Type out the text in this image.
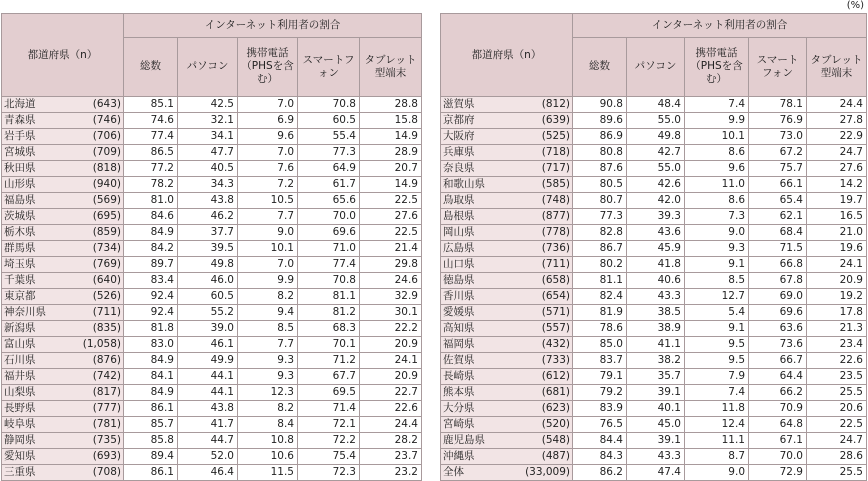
(%)
都道府県（n）		インターネット利用者の割合				
		総数	パソコン	携帯電話（PHSを含む）	スマートフォン	タブレット型端末
北海道	(643)	85.1	42.5	7.0	70.8	28.8
青森県	(746)	74.6	32.1	6.9	60.5	15.8
岩手県	(706)	77.4	34.1	9.6	55.4	14.9
宮城県	(709)	86.5	47.7	7.0	77.3	28.9
秋田県	(818)	77.2	40.5	7.6	64.9	20.7
山形県	(940)	78.2	34.3	7.2	61.7	14.9
福島県	(569)	81.0	43.8	10.5	65.6	22.5
茨城県	(695)	84.6	46.2	7.7	70.0	27.6
栃木県	(859)	84.9	37.7	9.0	69.6	22.5
群馬県	(734)	84.2	39.5	10.1	71.0	21.4
埼玉県	(769)	89.7	49.8	7.0	77.4	29.8
千葉県	(640)	83.4	46.0	9.9	70.8	24.6
東京都	(526)	92.4	60.5	8.2	81.1	32.9
神奈川県	(711)	92.4	55.2	9.4	81.2	30.1
新潟県	(835)	81.8	39.0	8.5	68.3	22.2
富山県	(1,058)	83.0	46.1	7.7	70.1	20.9
石川県	(876)	84.9	49.9	9.3	71.2	24.1
福井県	(742)	84.1	44.1	9.3	67.7	20.9
山梨県	(817)	84.9	44.1	12.3	69.5	22.7
長野県	(777)	86.1	43.8	8.2	71.4	22.6
岐阜県	(781)	85.7	41.7	8.4	72.1	24.4
静岡県	(735)	85.8	44.7	10.8	72.2	28.2
愛知県	(693)	89.4	52.0	10.6	75.4	23.7
三重県	(708)	86.1	46.4	11.5	72.3	23.2
都道府県（n）		インターネット利用者の割合				
		総数	パソコン	携帯電話（PHSを含む）	スマートフォン	タブレット型端末
滋賀県	(812)	90.8	48.4	7.4	78.1	24.4
京都府	(639)	89.6	55.0	9.9	76.9	27.8
大阪府	(525)	86.9	49.8	10.1	73.0	22.9
兵庫県	(718)	80.8	42.7	8.6	67.2	24.7
奈良県	(717)	87.6	55.0	9.6	75.7	27.6
和歌山県	(585)	80.5	42.6	11.0	66.1	14.2
鳥取県	(748)	80.7	42.0	8.6	65.4	19.7
島根県	(877)	77.3	39.3	7.3	62.1	16.5
岡山県	(778)	82.8	43.6	9.0	68.4	21.0
広島県	(736)	86.7	45.9	9.3	71.5	19.6
山口県	(711)	80.2	41.8	9.1	66.8	24.1
徳島県	(658)	81.1	40.6	8.5	67.8	20.9
香川県	(654)	82.4	43.3	12.7	69.0	19.2
愛媛県	(571)	81.9	38.5	5.4	69.6	17.8
高知県	(557)	78.6	38.9	9.1	63.6	21.3
福岡県	(432)	85.0	41.1	9.5	73.6	23.4
佐賀県	(733)	83.7	38.2	9.5	66.7	22.6
長崎県	(612)	79.1	35.7	7.9	64.4	23.5
熊本県	(681)	79.2	39.1	7.4	66.2	25.5
大分県	(623)	83.9	40.1	11.8	70.9	20.6
宮崎県	(520)	76.5	45.0	12.4	64.8	22.5
鹿児島県	(548)	84.4	39.1	11.1	67.1	24.7
沖縄県	(487)	84.3	43.3	8.7	70.0	28.6
全体	(33,009)	86.2	47.4	9.0	72.9	25.5
